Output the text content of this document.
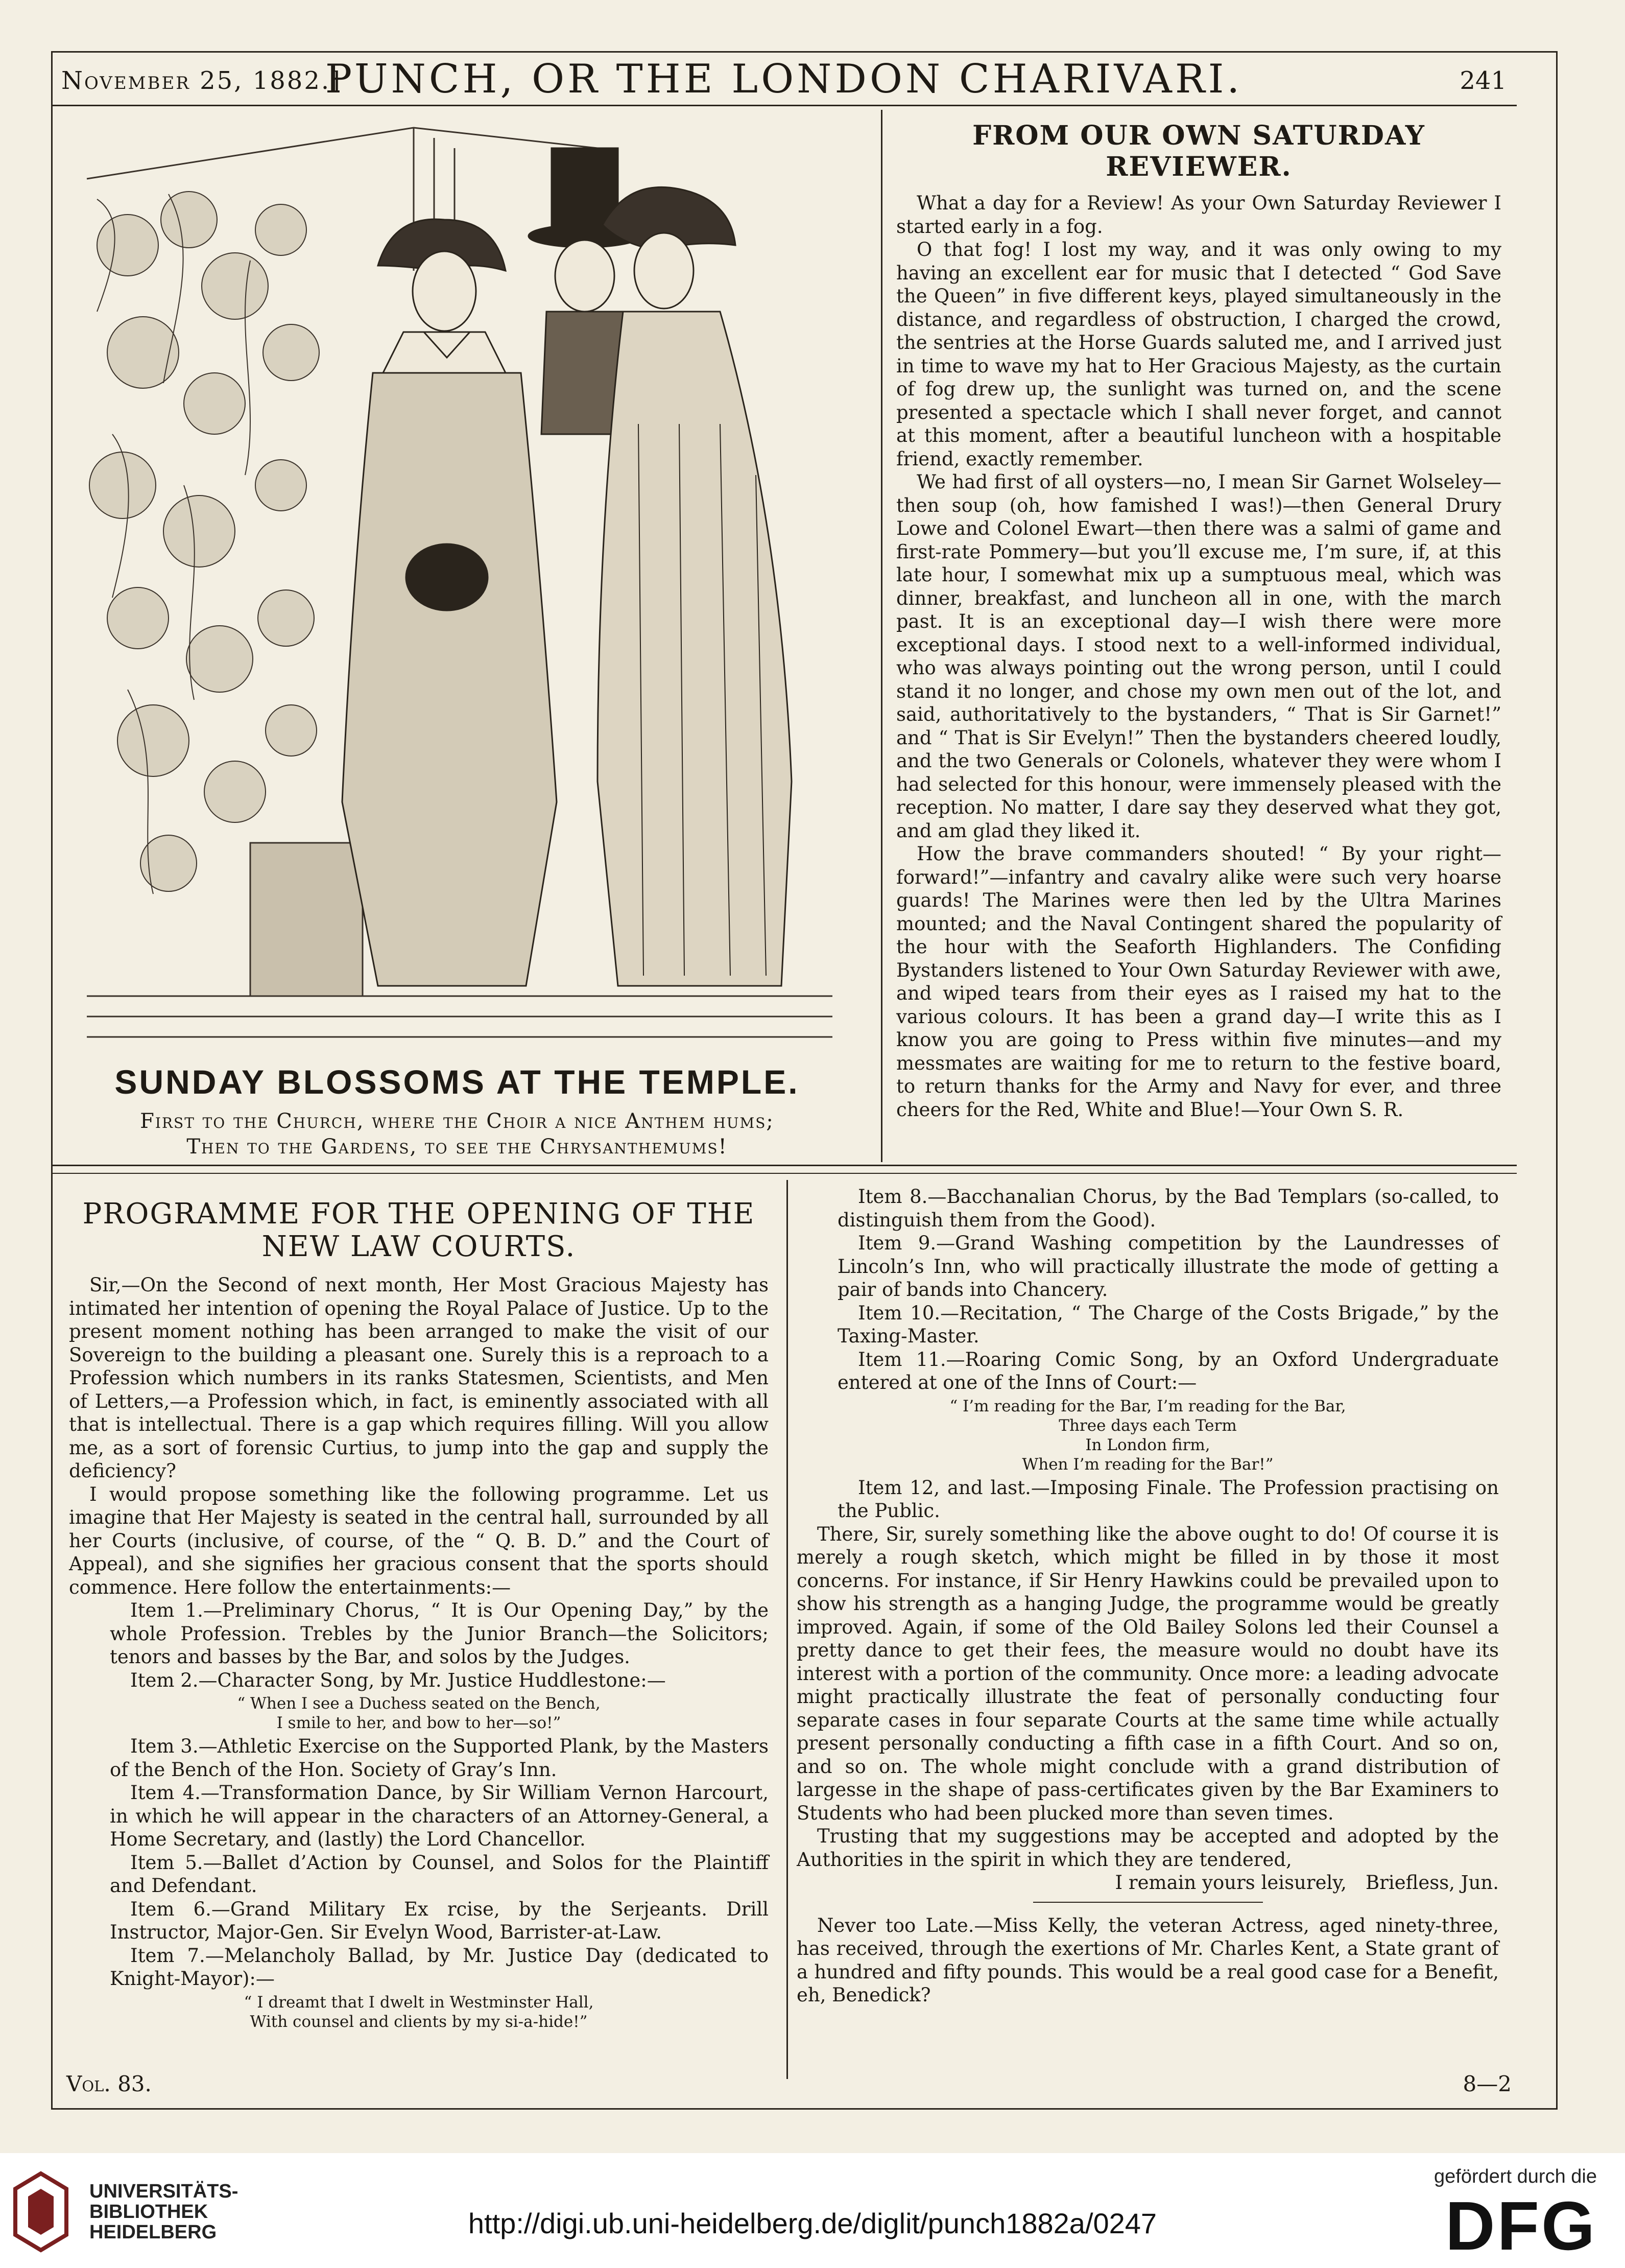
November 25, 1882.]
PUNCH, OR THE LONDON CHARIVARI.	241
SUNDAY BLOSSOMS AT THE TEMPLE.
First to the Church, where the Choir a nice Anthem hums;
Then to the Gardens, to see the Chrysanthemums!
FROM OUR OWN SATURDAY REVIEWER.

What a day for a Review! As your Own Saturday Reviewer I started early in a fog.

O that fog! I lost my way, and it was only owing to my having an excellent ear for music that I detected “ God Save the Queen” in five different keys, played simultaneously in the distance, and regardless of obstruction, I charged the crowd, the sentries at the Horse Guards saluted me, and I arrived just in time to wave my hat to Her Gracious Majesty, as the curtain of fog drew up, the sunlight was turned on, and the scene presented a spectacle which I shall never forget, and cannot at this moment, after a beautiful luncheon with a hospitable friend, exactly remember.

We had first of all oysters—no, I mean Sir Garnet Wolseley—then soup (oh, how famished I was!)—then General Drury Lowe and Colonel Ewart—then there was a salmi of game and first-rate Pommery—but you’ll excuse me, I’m sure, if, at this late hour, I somewhat mix up a sumptuous meal, which was dinner, breakfast, and luncheon all in one, with the march past. It is an exceptional day—I wish there were more exceptional days. I stood next to a well-informed individual, who was always pointing out the wrong person, until I could stand it no longer, and chose my own men out of the lot, and said, authoritatively to the bystanders, “ That is Sir Garnet!” and “ That is Sir Evelyn!” Then the bystanders cheered loudly, and the two Generals or Colonels, whatever they were whom I had selected for this honour, were immensely pleased with the reception. No matter, I dare say they deserved what they got, and am glad they liked it.

How the brave commanders shouted! “ By your right—forward!”—infantry and cavalry alike were such very hoarse guards! The Marines were then led by the Ultra Marines mounted; and the Naval Contingent shared the popularity of the hour with the Seaforth Highlanders. The Confiding Bystanders listened to Your Own Saturday Reviewer with awe, and wiped tears from their eyes as I raised my hat to the various colours. It has been a grand day—I write this as I know you are going to Press within five minutes—and my messmates are waiting for me to return to the festive board, to return thanks for the Army and Navy for ever, and three cheers for the Red, White and Blue!—Your Own S. R.

PROGRAMME FOR THE OPENING OF THE NEW LAW COURTS.

Sir,—On the Second of next month, Her Most Gracious Majesty has intimated her intention of opening the Royal Palace of Justice. Up to the present moment nothing has been arranged to make the visit of our Sovereign to the building a pleasant one. Surely this is a reproach to a Profession which numbers in its ranks Statesmen, Scientists, and Men of Letters,—a Profession which, in fact, is eminently associated with all that is intellectual. There is a gap which requires filling. Will you allow me, as a sort of forensic Curtius, to jump into the gap and supply the deficiency?

I would propose something like the following programme. Let us imagine that Her Majesty is seated in the central hall, surrounded by all her Courts (inclusive, of course, of the “ Q. B. D.” and the Court of Appeal), and she signifies her gracious consent that the sports should commence. Here follow the entertainments:—

Item 1.—Preliminary Chorus, “ It is Our Opening Day,” by the whole Profession. Trebles by the Junior Branch—the Solicitors; tenors and basses by the Bar, and solos by the Judges.

Item 2.—Character Song, by Mr. Justice Huddlestone:—

“ When I see a Duchess seated on the Bench,
I smile to her, and bow to her—so!”

Item 3.—Athletic Exercise on the Supported Plank, by the Masters of the Bench of the Hon. Society of Gray’s Inn.

Item 4.—Transformation Dance, by Sir William Vernon Harcourt, in which he will appear in the characters of an Attorney-General, a Home Secretary, and (lastly) the Lord Chancellor.

Item 5.—Ballet d’Action by Counsel, and Solos for the Plaintiff and Defendant.

Item 6.—Grand Military Ex rcise, by the Serjeants. Drill Instructor, Major-Gen. Sir Evelyn Wood, Barrister-at-Law.

Item 7.—Melancholy Ballad, by Mr. Justice Day (dedicated to Knight-Mayor):—

“ I dreamt that I dwelt in Westminster Hall,
With counsel and clients by my si-a-hide!”

Item 8.—Bacchanalian Chorus, by the Bad Templars (so-called, to distinguish them from the Good).

Item 9.—Grand Washing competition by the Laundresses of Lincoln’s Inn, who will practically illustrate the mode of getting a pair of bands into Chancery.

Item 10.—Recitation, “ The Charge of the Costs Brigade,” by the Taxing-Master.

Item 11.—Roaring Comic Song, by an Oxford Undergraduate entered at one of the Inns of Court:—

“ I’m reading for the Bar, I’m reading for the Bar,
Three days each Term
In London firm,
When I’m reading for the Bar!”

Item 12, and last.—Imposing Finale. The Profession practising on the Public.

There, Sir, surely something like the above ought to do! Of course it is merely a rough sketch, which might be filled in by those it most concerns. For instance, if Sir Henry Hawkins could be prevailed upon to show his strength as a hanging Judge, the programme would be greatly improved. Again, if some of the Old Bailey Solons led their Counsel a pretty dance to get their fees, the measure would no doubt have its interest with a portion of the community. Once more: a leading advocate might practically illustrate the feat of personally conducting four separate cases in four separate Courts at the same time while actually present personally conducting a fifth case in a fifth Court. And so on, and so on. The whole might conclude with a grand distribution of largesse in the shape of pass-certificates given by the Bar Examiners to Students who had been plucked more than seven times.

Trusting that my suggestions may be accepted and adopted by the Authorities in the spirit in which they are tendered,

I remain yours leisurely, Briefless, Jun.

Never too Late.—Miss Kelly, the veteran Actress, aged ninety-three, has received, through the exertions of Mr. Charles Kent, a State grant of a hundred and fifty pounds. This would be a real good case for a Benefit, eh, Benedick?

Vol. 83.	8—2
UNIVERSITÄTS-
BIBLIOTHEK
HEIDELBERG	http://digi.ub.uni-heidelberg.de/diglit/punch1882a/0247
gefördert durch die
DFG
